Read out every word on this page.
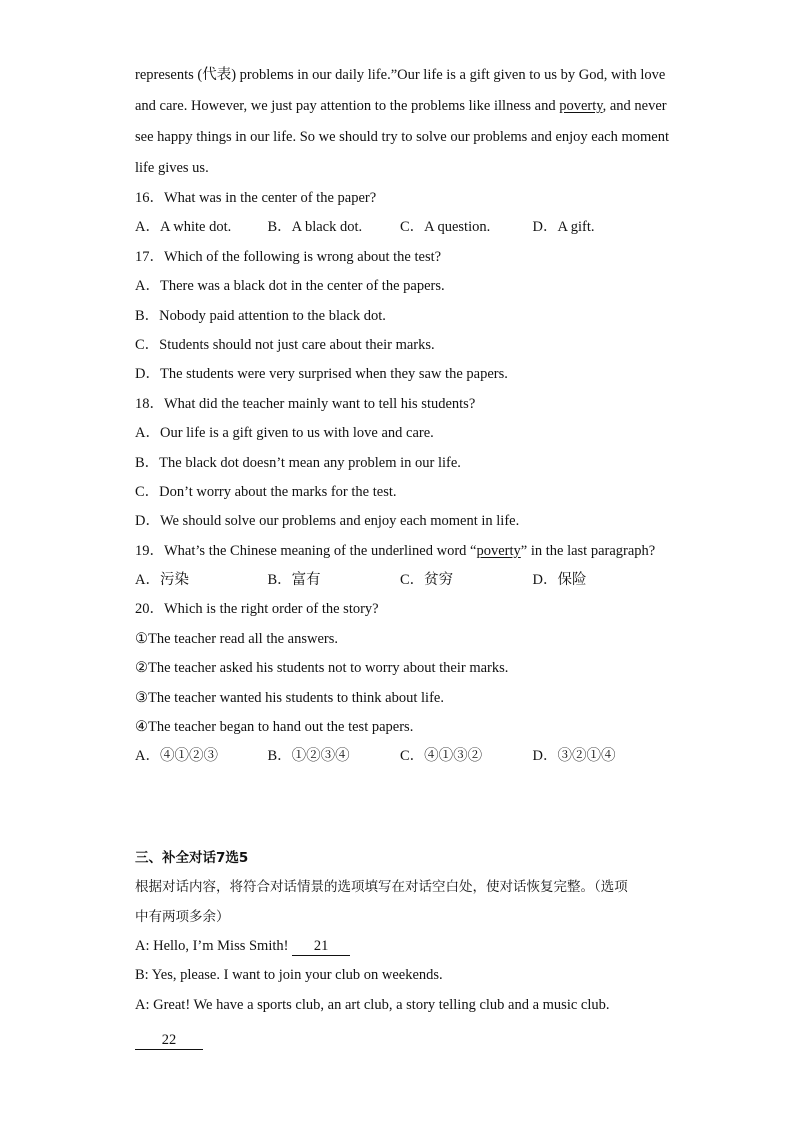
represents (代表) problems in our daily life.”Our life is a gift given to us by God, with love
and care. However, we just pay attention to the problems like illness and poverty, and never
see happy things in our life. So we should try to solve our problems and enjoy each moment
life gives us.
16．What was in the center of the paper?
A．A white dot.	B．A black dot.	C．A question.	D．A gift.
17．Which of the following is wrong about the test?
A．There was a black dot in the center of the papers.
B．Nobody paid attention to the black dot.
C．Students should not just care about their marks.
D．The students were very surprised when they saw the papers.
18．What did the teacher mainly want to tell his students?
A．Our life is a gift given to us with love and care.
B．The black dot doesn’t mean any problem in our life.
C．Don’t worry about the marks for the test.
D．We should solve our problems and enjoy each moment in life.
19．What’s the Chinese meaning of the underlined word “poverty” in the last paragraph?
A．污染	B．富有	C．贫穷	D．保险
20．Which is the right order of the story?
①The teacher read all the answers.
②The teacher asked his students not to worry about their marks.
③The teacher wanted his students to think about life.
④The teacher began to hand out the test papers.
A．④①②③	B．①②③④	C．④①③②	D．③②①④
三、补全对话7选5
根据对话内容，将符合对话情景的选项填写在对话空白处，使对话恢复完整。（选项
中有两项多余）
A: Hello, I’m Miss Smith! 21
B: Yes, please. I want to join your club on weekends.
A: Great! We have a sports club, an art club, a story telling club and a music club.
22
